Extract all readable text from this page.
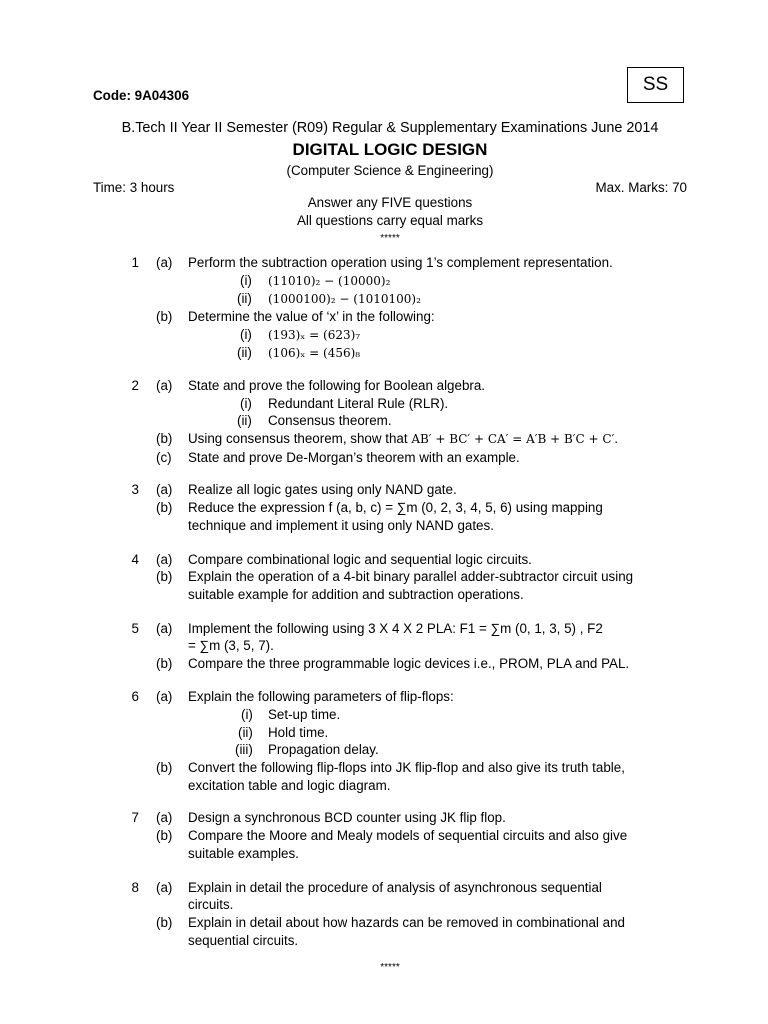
Code: 9A04306
SS
B.Tech II Year II Semester (R09) Regular & Supplementary Examinations June 2014
DIGITAL LOGIC DESIGN
(Computer Science & Engineering)
Time: 3 hours	Max. Marks: 70
Answer any FIVE questions
All questions carry equal marks
*****
1 (a) Perform the subtraction operation using 1’s complement representation.
(i) (11010)₂ − (10000)₂
(ii) (1000100)₂ − (1010100)₂
(b) Determine the value of ‘x’ in the following:
(i) (193)ₓ = (623)₇
(ii) (106)ₓ = (456)₈
2 (a) State and prove the following for Boolean algebra.
(i) Redundant Literal Rule (RLR).
(ii) Consensus theorem.
(b) Using consensus theorem, show that AB′ + BC′ + CA′ = A′B + B′C + C′.
(c) State and prove De-Morgan’s theorem with an example.
3 (a) Realize all logic gates using only NAND gate.
(b) Reduce the expression f (a, b, c) = ∑m (0, 2, 3, 4, 5, 6) using mapping
technique and implement it using only NAND gates.
4 (a) Compare combinational logic and sequential logic circuits.
(b) Explain the operation of a 4-bit binary parallel adder-subtractor circuit using
suitable example for addition and subtraction operations.
5 (a) Implement the following using 3 X 4 X 2 PLA: F1 = ∑m (0, 1, 3, 5) , F2
= ∑m (3, 5, 7).
(b) Compare the three programmable logic devices i.e., PROM, PLA and PAL.
6 (a) Explain the following parameters of flip-flops:
(i) Set-up time.
(ii) Hold time.
(iii) Propagation delay.
(b) Convert the following flip-flops into JK flip-flop and also give its truth table,
excitation table and logic diagram.
7 (a) Design a synchronous BCD counter using JK flip flop.
(b) Compare the Moore and Mealy models of sequential circuits and also give
suitable examples.
8 (a) Explain in detail the procedure of analysis of asynchronous sequential
circuits.
(b) Explain in detail about how hazards can be removed in combinational and
sequential circuits.
*****
